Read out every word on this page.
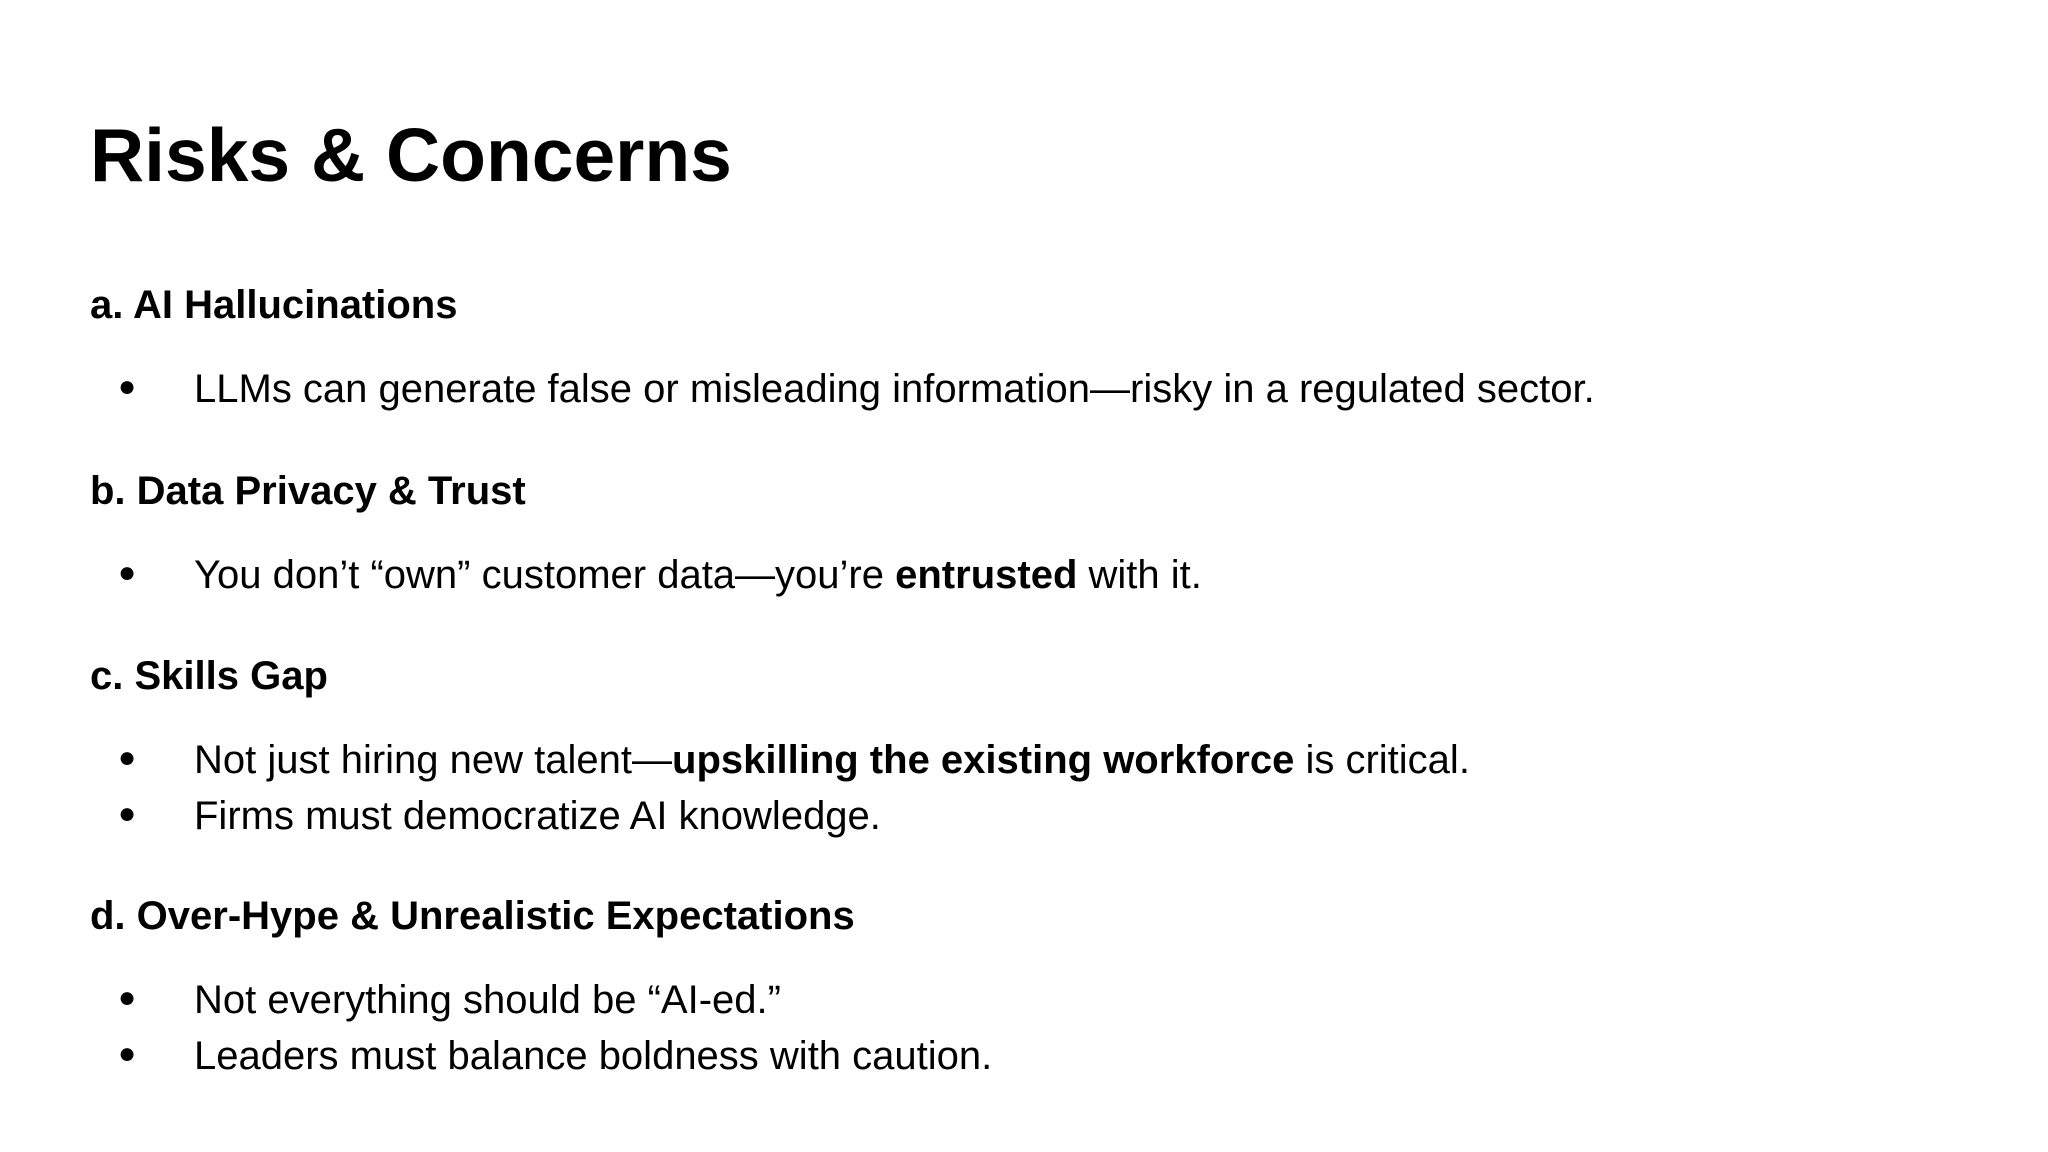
Risks & Concerns
a. AI Hallucinations
● LLMs can generate false or misleading information—risky in a regulated sector.
b. Data Privacy & Trust
● You don’t “own” customer data—you’re entrusted with it.
c. Skills Gap
● Not just hiring new talent—upskilling the existing workforce is critical.
● Firms must democratize AI knowledge.
d. Over-Hype & Unrealistic Expectations
● Not everything should be “AI-ed.”
● Leaders must balance boldness with caution.
